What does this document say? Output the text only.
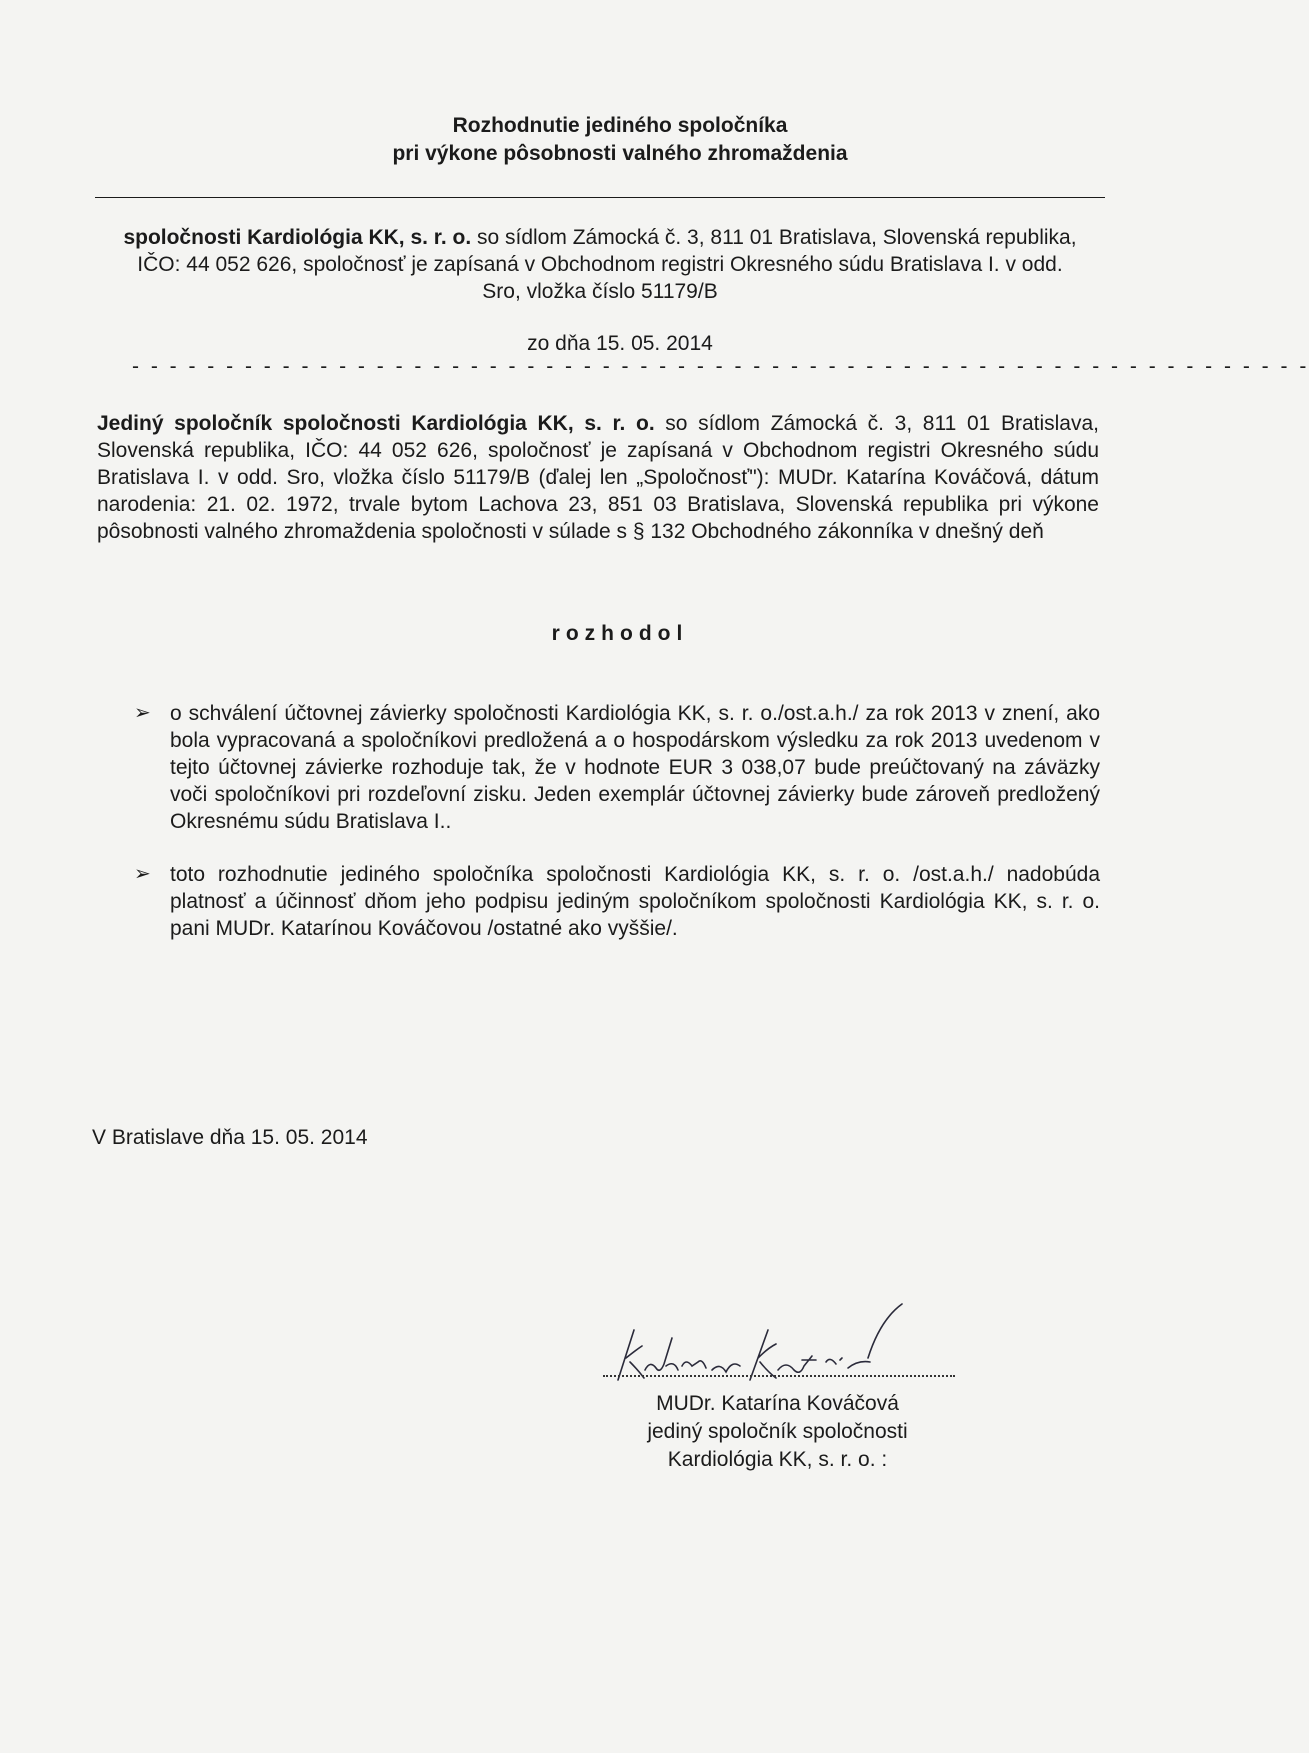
Rozhodnutie jediného spoločníka
pri výkone pôsobnosti valného zhromaždenia
spoločnosti Kardiológia KK, s. r. o. so sídlom Zámocká č. 3, 811 01 Bratislava, Slovenská republika, IČO: 44 052 626, spoločnosť je zapísaná v Obchodnom registri Okresného súdu Bratislava I. v odd. Sro, vložka číslo 51179/B
zo dňa 15. 05. 2014
- - - - - - - - - - - - - - - - - - - - - - - - - - - - - - - - - - - - - - - - - - - - - - - - - - - - - - - - - - - - - - -
Jediný spoločník spoločnosti Kardiológia KK, s. r. o. so sídlom Zámocká č. 3, 811 01 Bratislava, Slovenská republika, IČO: 44 052 626, spoločnosť je zapísaná v Obchodnom registri Okresného súdu Bratislava I. v odd. Sro, vložka číslo 51179/B (ďalej len „Spoločnosť"): MUDr. Katarína Kováčová, dátum narodenia: 21. 02. 1972, trvale bytom Lachova 23, 851 03 Bratislava, Slovenská republika pri výkone pôsobnosti valného zhromaždenia spoločnosti v súlade s § 132 Obchodného zákonníka v dnešný deň
rozhodol
➢ o schválení účtovnej závierky spoločnosti Kardiológia KK, s. r. o./ost.a.h./ za rok 2013 v znení, ako bola vypracovaná a spoločníkovi predložená a o hospodárskom výsledku za rok 2013 uvedenom v tejto účtovnej závierke rozhoduje tak, že v hodnote EUR 3 038,07 bude preúčtovaný na záväzky voči spoločníkovi pri rozdeľovní zisku. Jeden exemplár účtovnej závierky bude zároveň predložený Okresnému súdu Bratislava I..
➢ toto rozhodnutie jediného spoločníka spoločnosti Kardiológia KK, s. r. o. /ost.a.h./ nadobúda platnosť a účinnosť dňom jeho podpisu jediným spoločníkom spoločnosti Kardiológia KK, s. r. o. pani MUDr. Katarínou Kováčovou /ostatné ako vyššie/.
V Bratislave dňa 15. 05. 2014
MUDr. Katarína Kováčová
jediný spoločník spoločnosti
Kardiológia KK, s. r. o. :
